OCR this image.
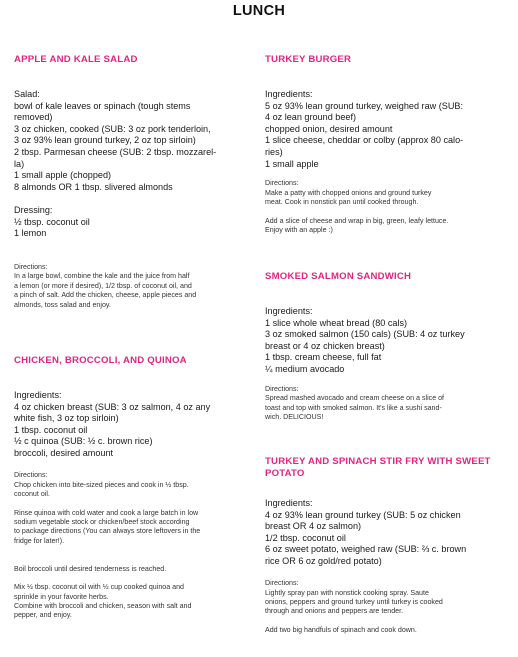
LUNCH
APPLE AND KALE SALAD
Salad:
bowl of kale leaves or spinach (tough stems
removed)
3 oz chicken, cooked (SUB: 3 oz pork tenderloin,
3 oz 93% lean ground turkey, 2 oz top sirloin)
2 tbsp. Parmesan cheese (SUB: 2 tbsp. mozzarel-
la)
1 small apple (chopped)
8 almonds OR 1 tbsp. slivered almonds
Dressing:
½ tbsp. coconut oil
1 lemon
Directions:
In a large bowl, combine the kale and the juice from half
a lemon (or more if desired), 1/2 tbsp. of coconut oil, and
a pinch of salt. Add the chicken, cheese, apple pieces and
almonds, toss salad and enjoy.
CHICKEN, BROCCOLI, AND QUINOA
Ingredients:
4 oz chicken breast (SUB: 3 oz salmon, 4 oz any
white fish, 3 oz top sirloin)
1 tbsp. coconut oil
½ c quinoa (SUB: ½ c. brown rice)
broccoli, desired amount
Directions:
Chop chicken into bite-sized pieces and cook in ½ tbsp.
coconut oil.
Rinse quinoa with cold water and cook a large batch in low
sodium vegetable stock or chicken/beef stock according
to package directions (You can always store leftovers in the
fridge for later!).
Boil broccoli until desired tenderness is reached.
Mix ½ tbsp. coconut oil with ½ cup cooked quinoa and
sprinkle in your favorite herbs.
Combine with broccoli and chicken, season with salt and
pepper, and enjoy.
TURKEY BURGER
Ingredients:
5 oz 93% lean ground turkey, weighed raw (SUB:
4 oz lean ground beef)
chopped onion, desired amount
1 slice cheese, cheddar or colby (approx 80 calo-
ries)
1 small apple
Directions:
Make a patty with chopped onions and ground turkey
meat. Cook in nonstick pan until cooked through.
Add a slice of cheese and wrap in big, green, leafy lettuce.
Enjoy with an apple :)
SMOKED SALMON SANDWICH
Ingredients:
1 slice whole wheat bread (80 cals)
3 oz smoked salmon (150 cals) (SUB: 4 oz turkey
breast or 4 oz chicken breast)
1 tbsp. cream cheese, full fat
¼ medium avocado
Directions:
Spread mashed avocado and cream cheese on a slice of
toast and top with smoked salmon. It's like a sushi sand-
wich. DELICIOUS!
TURKEY AND SPINACH STIR FRY WITH SWEET
POTATO
Ingredients:
4 oz 93% lean ground turkey (SUB: 5 oz chicken
breast OR 4 oz salmon)
1/2 tbsp. coconut oil
6 oz sweet potato, weighed raw (SUB: ⅔ c. brown
rice OR 6 oz gold/red potato)
Directions:
Lightly spray pan with nonstick cooking spray. Saute
onions, peppers and ground turkey until turkey is cooked
through and onions and peppers are tender.
Add two big handfuls of spinach and cook down.
